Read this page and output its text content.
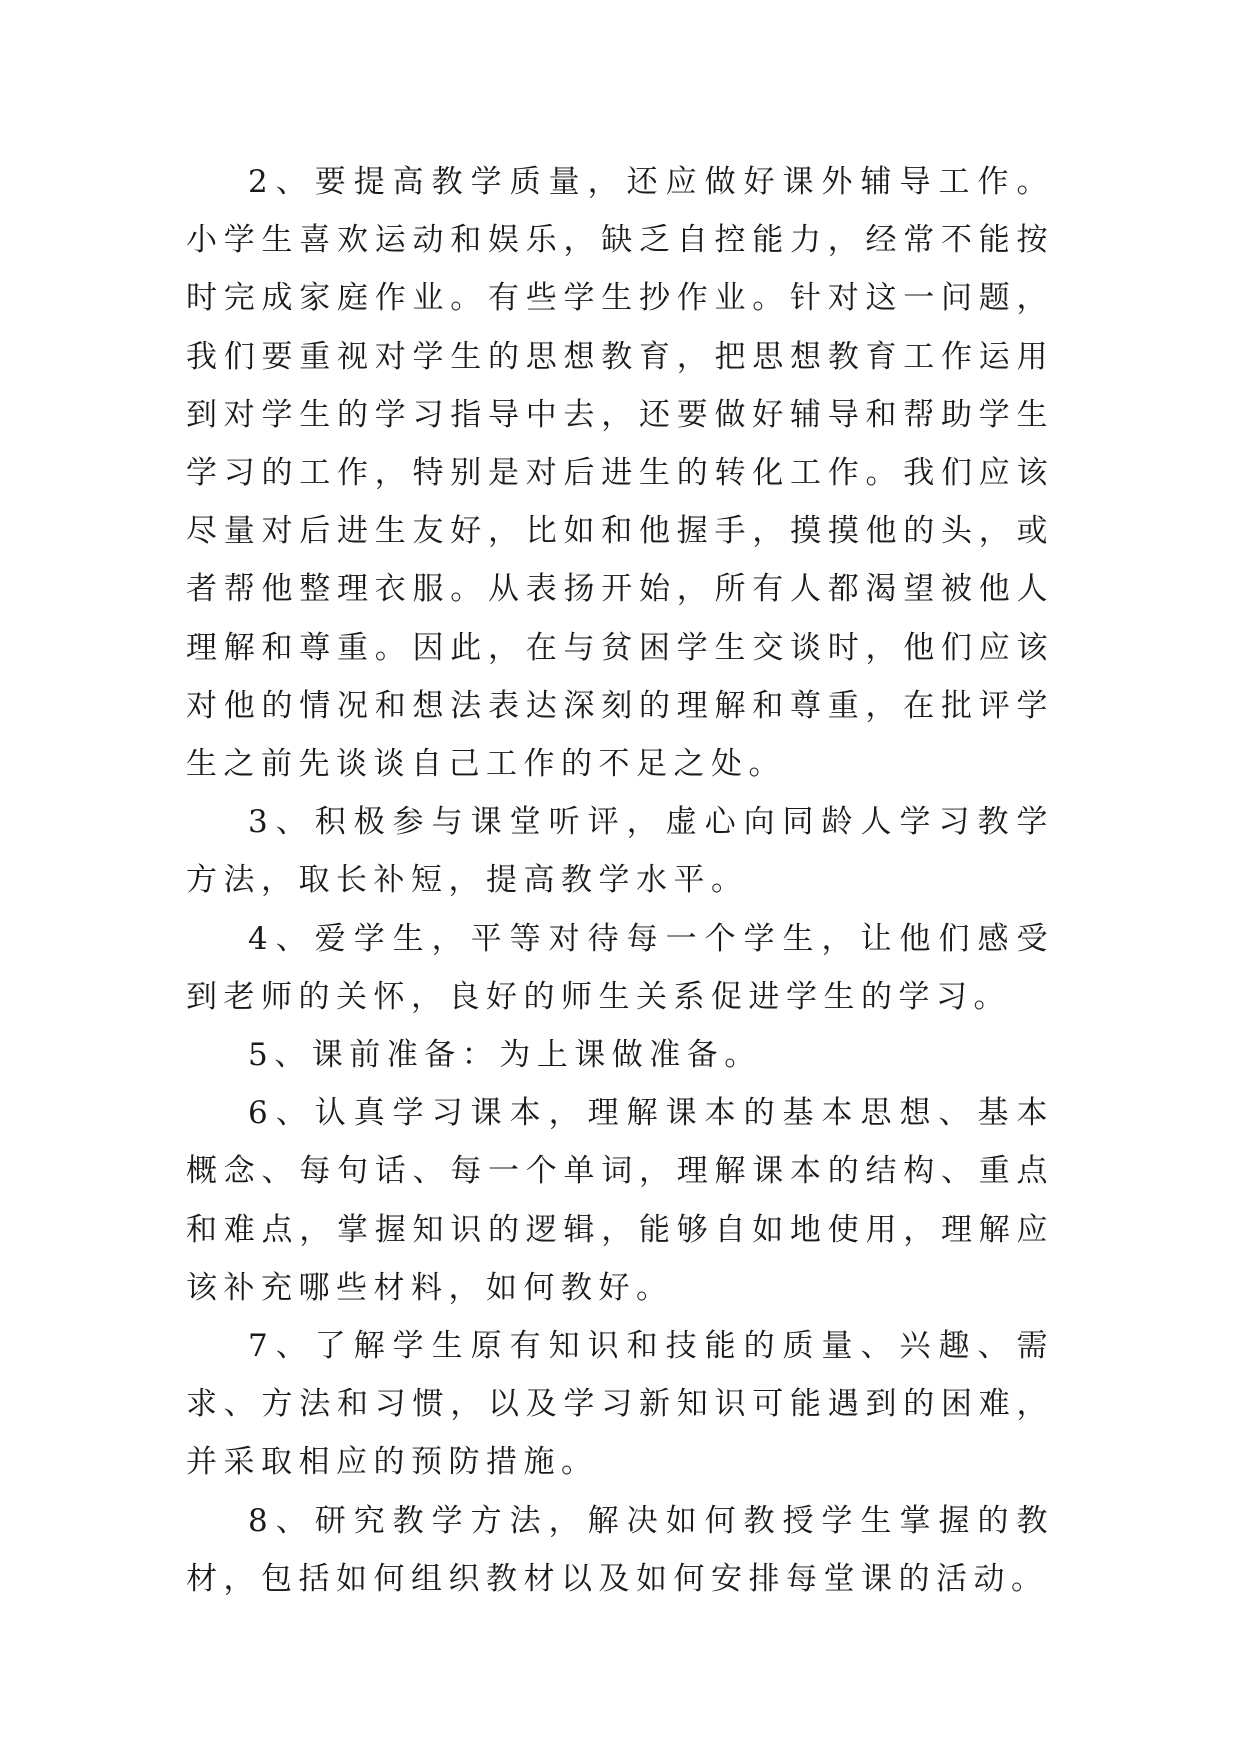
2、要提高教学质量，还应做好课外辅导工作。小学生喜欢运动和娱乐，缺乏自控能力，经常不能按时完成家庭作业。有些学生抄作业。针对这一问题，我们要重视对学生的思想教育，把思想教育工作运用到对学生的学习指导中去，还要做好辅导和帮助学生学习的工作，特别是对后进生的转化工作。我们应该尽量对后进生友好，比如和他握手，摸摸他的头，或者帮他整理衣服。从表扬开始，所有人都渴望被他人理解和尊重。因此，在与贫困学生交谈时，他们应该对他的情况和想法表达深刻的理解和尊重，在批评学生之前先谈谈自己工作的不足之处。

3、积极参与课堂听评，虚心向同龄人学习教学方法，取长补短，提高教学水平。

4、爱学生，平等对待每一个学生，让他们感受到老师的关怀，良好的师生关系促进学生的学习。

5、课前准备：为上课做准备。

6、认真学习课本，理解课本的基本思想、基本概念、每句话、每一个单词，理解课本的结构、重点和难点，掌握知识的逻辑，能够自如地使用，理解应该补充哪些材料，如何教好。

7、了解学生原有知识和技能的质量、兴趣、需求、方法和习惯，以及学习新知识可能遇到的困难，并采取相应的预防措施。

8、研究教学方法，解决如何教授学生掌握的教材，包括如何组织教材以及如何安排每堂课的活动。
